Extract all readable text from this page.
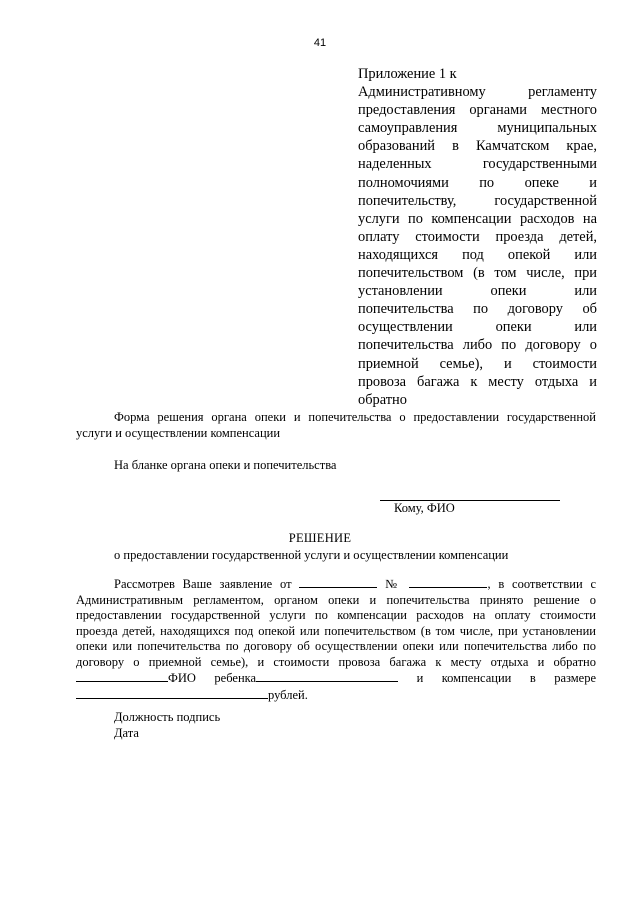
41
Приложение 1 к
Административному регламенту
предоставления органами местного
самоуправления муниципальных
образований в Камчатском крае,
наделенных государственными
полномочиями по опеке и
попечительству, государственной
услуги по компенсации расходов на
оплату стоимости проезда детей,
находящихся под опекой или
попечительством (в том числе, при
установлении опеки или
попечительства по договору об
осуществлении опеки или
попечительства либо по договору о
приемной семье), и стоимости
провоза багажа к месту отдыха и
обратно
Форма решения органа опеки и попечительства о предоставлении государственной
услуги и осуществлении компенсации
На бланке органа опеки и попечительства
Кому, ФИО
РЕШЕНИЕ
о предоставлении государственной услуги и осуществлении компенсации
Рассмотрев Ваше заявление от	№	, в соответствии с
Административным регламентом, органом опеки и попечительства принято решение о
предоставлении государственной услуги по компенсации расходов на оплату стоимости
проезда детей, находящихся под опекой или попечительством (в том числе, при установлении
опеки или попечительства по договору об осуществлении опеки или попечительства либо по
договору о приемной семье), и стоимости провоза багажа к месту отдыха и обратно
ФИО ребенка	и компенсации в размере
рублей.
Должность подпись
Дата
